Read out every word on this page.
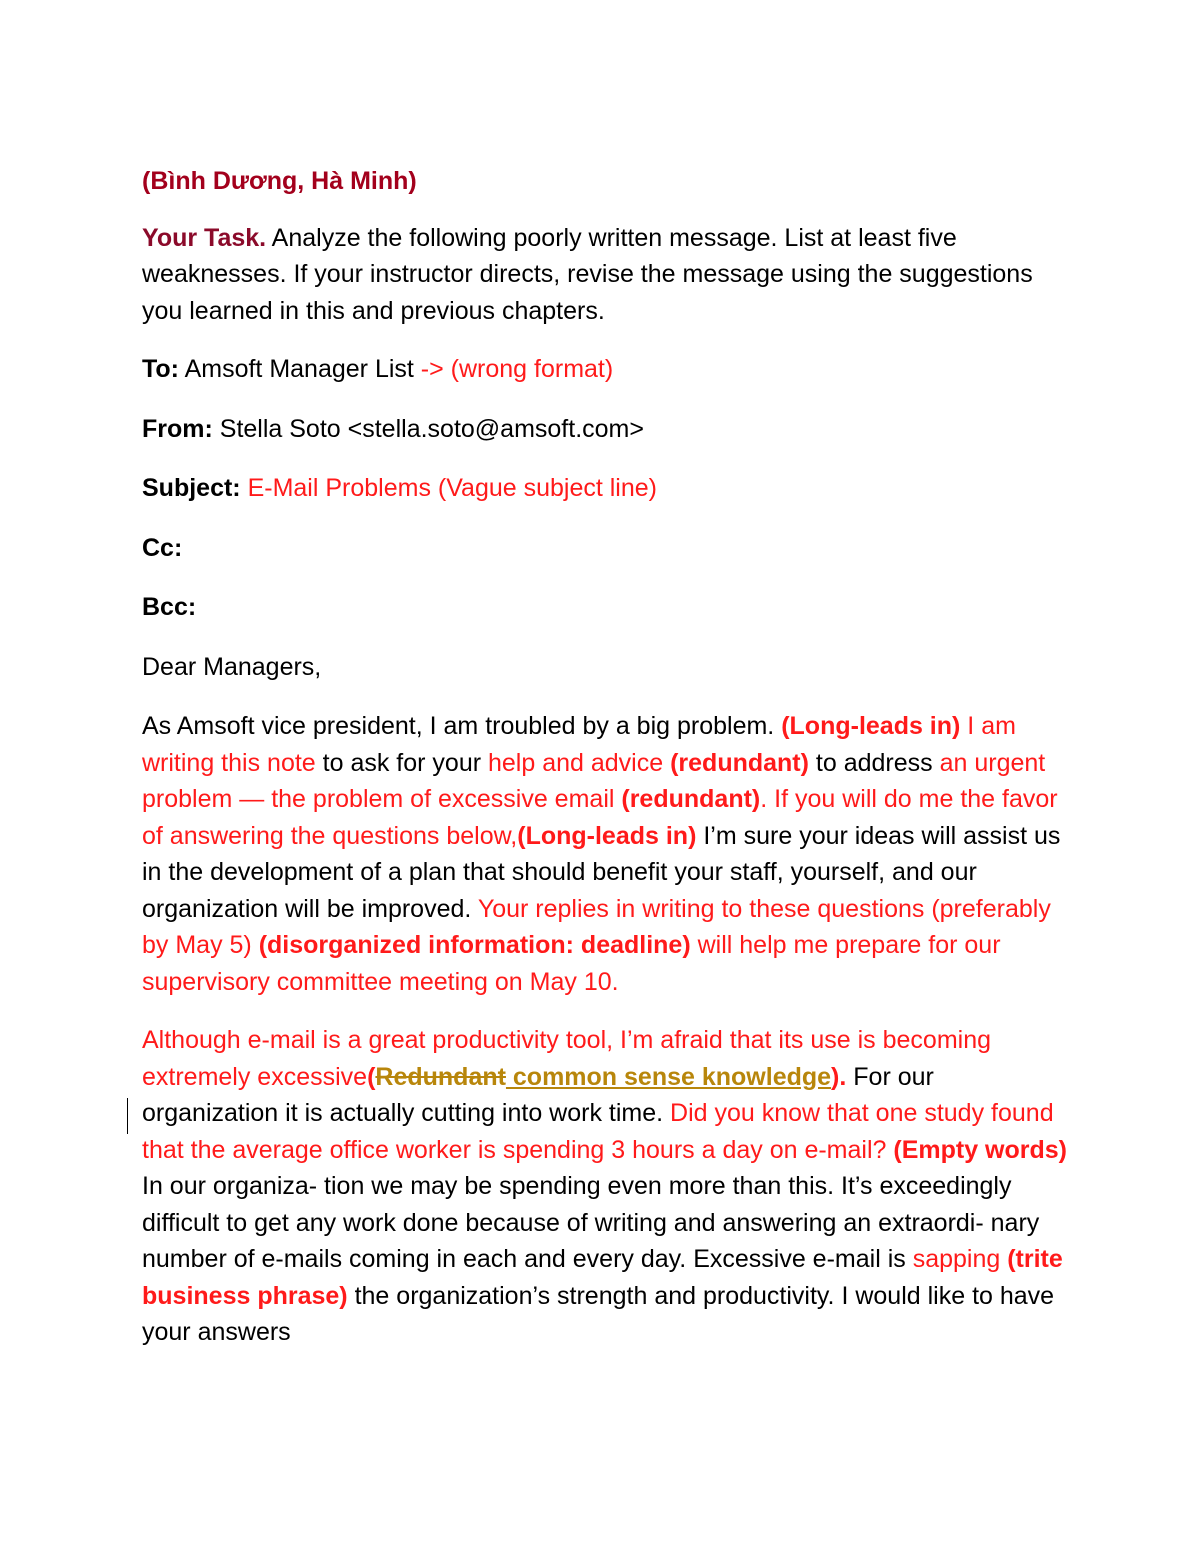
(Bình Dương, Hà Minh)
Your Task. Analyze the following poorly written message. List at least five weaknesses. If your instructor directs, revise the message using the suggestions you learned in this and previous chapters.
To: Amsoft Manager List -> (wrong format)
From: Stella Soto <stella.soto@amsoft.com>
Subject: E-Mail Problems (Vague subject line)
Cc:
Bcc:
Dear Managers,
As Amsoft vice president, I am troubled by a big problem. (Long-leads in) I am writing this note to ask for your help and advice (redundant) to address an urgent problem — the problem of excessive email (redundant). If you will do me the favor of answering the questions below,(Long-leads in) I’m sure your ideas will assist us in the development of a plan that should benefit your staff, yourself, and our organization will be improved. Your replies in writing to these questions (preferably by May 5) (disorganized information: deadline) will help me prepare for our supervisory committee meeting on May 10.
Although e-mail is a great productivity tool, I’m afraid that its use is becoming extremely excessive(Redundant common sense knowledge). For our organization it is actually cutting into work time. Did you know that one study found that the average office worker is spending 3 hours a day on e-mail? (Empty words) In our organiza- tion we may be spending even more than this. It’s exceedingly difficult to get any work done because of writing and answering an extraordi- nary number of e-mails coming in each and every day. Excessive e-mail is sapping (trite business phrase) the organization’s strength and productivity. I would like to have your answers
